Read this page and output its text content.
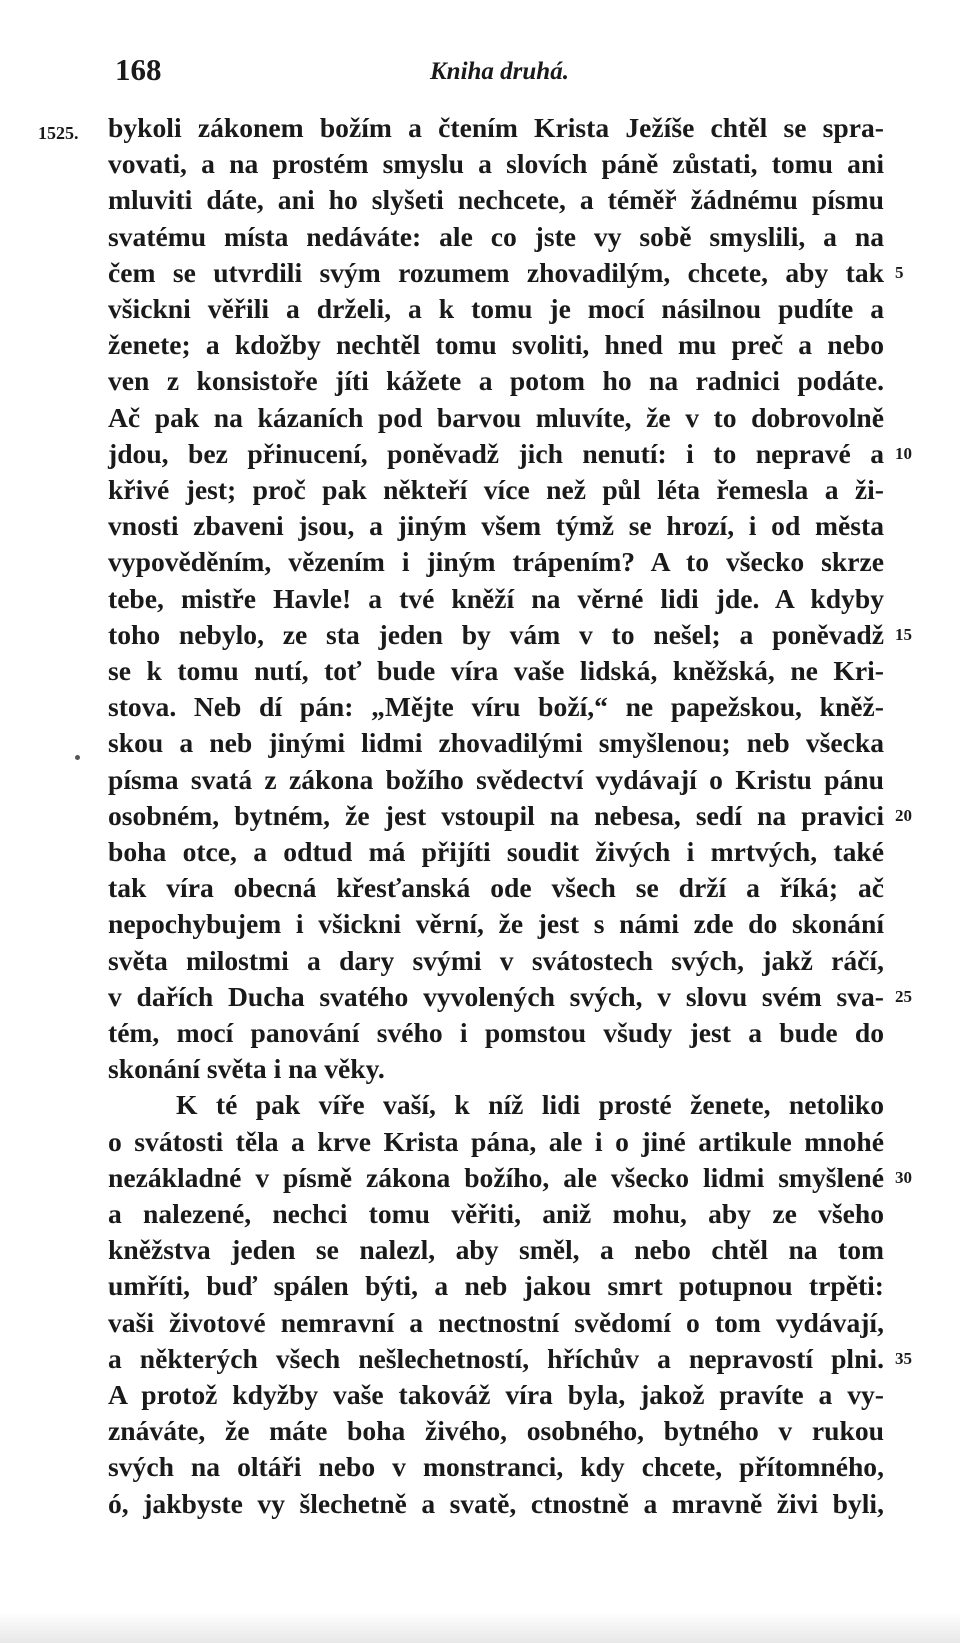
168	Kniha druhá.
1525. bykoli zákonem božím a čtením Krista Ježíše chtěl se spra-
vovati, a na prostém smyslu a slovích páně zůstati, tomu ani
mluviti dáte, ani ho slyšeti nechcete, a téměř žádnému písmu
svatému místa nedáváte: ale co jste vy sobě smyslili, a na
čem se utvrdili svým rozumem zhovadilým, chcete, aby tak
všickni věřili a drželi, a k tomu je mocí násilnou pudíte a
ženete; a kdožby nechtěl tomu svoliti, hned mu preč a nebo
ven z konsistoře jíti kážete a potom ho na radnici podáte.
Ač pak na kázaních pod barvou mluvíte, že v to dobrovolně
jdou, bez přinucení, poněvadž jich nenutí: i to nepravé a
křivé jest; proč pak někteří více než půl léta řemesla a ži-
vnosti zbaveni jsou, a jiným všem týmž se hrozí, i od města
vypověděním, vězením i jiným trápením? A to všecko skrze
tebe, mistře Havle! a tvé kněží na věrné lidi jde. A kdyby
toho nebylo, ze sta jeden by vám v to nešel; a poněvadž
se k tomu nutí, toť bude víra vaše lidská, kněžská, ne Kri-
stova. Neb dí pán: „Mějte víru boží,“ ne papežskou, kněž-
skou a neb jinými lidmi zhovadilými smyšlenou; neb všecka
písma svatá z zákona božího svědectví vydávají o Kristu pánu
osobném, bytném, že jest vstoupil na nebesa, sedí na pravici
boha otce, a odtud má přijíti soudit živých i mrtvých, také
tak víra obecná křesťanská ode všech se drží a říká; ač
nepochybujem i všickni věrní, že jest s námi zde do skonání
světa milostmi a dary svými v svátostech svých, jakž ráčí,
v dařích Ducha svatého vyvolených svých, v slovu svém sva-
tém, mocí panování svého i pomstou všudy jest a bude do
skonání světa i na věky.
K té pak víře vaší, k níž lidi prosté ženete, netoliko
o svátosti těla a krve Krista pána, ale i o jiné artikule mnohé
nezákladné v písmě zákona božího, ale všecko lidmi smyšlené
a nalezené, nechci tomu věřiti, aniž mohu, aby ze všeho
kněžstva jeden se nalezl, aby směl, a nebo chtěl na tom
umříti, buď spálen býti, a neb jakou smrt potupnou trpěti:
vaši životové nemravní a nectnostní svědomí o tom vydávají,
a některých všech nešlechetností, hříchův a nepravostí plni.
A protož kdyžby vaše takováž víra byla, jakož pravíte a vy-
znáváte, že máte boha živého, osobného, bytného v rukou
svých na oltáři nebo v monstranci, kdy chcete, přítomného,
ó, jakbyste vy šlechetně a svatě, ctnostně a mravně živi byli,
5
10
15
20
25
30
35
